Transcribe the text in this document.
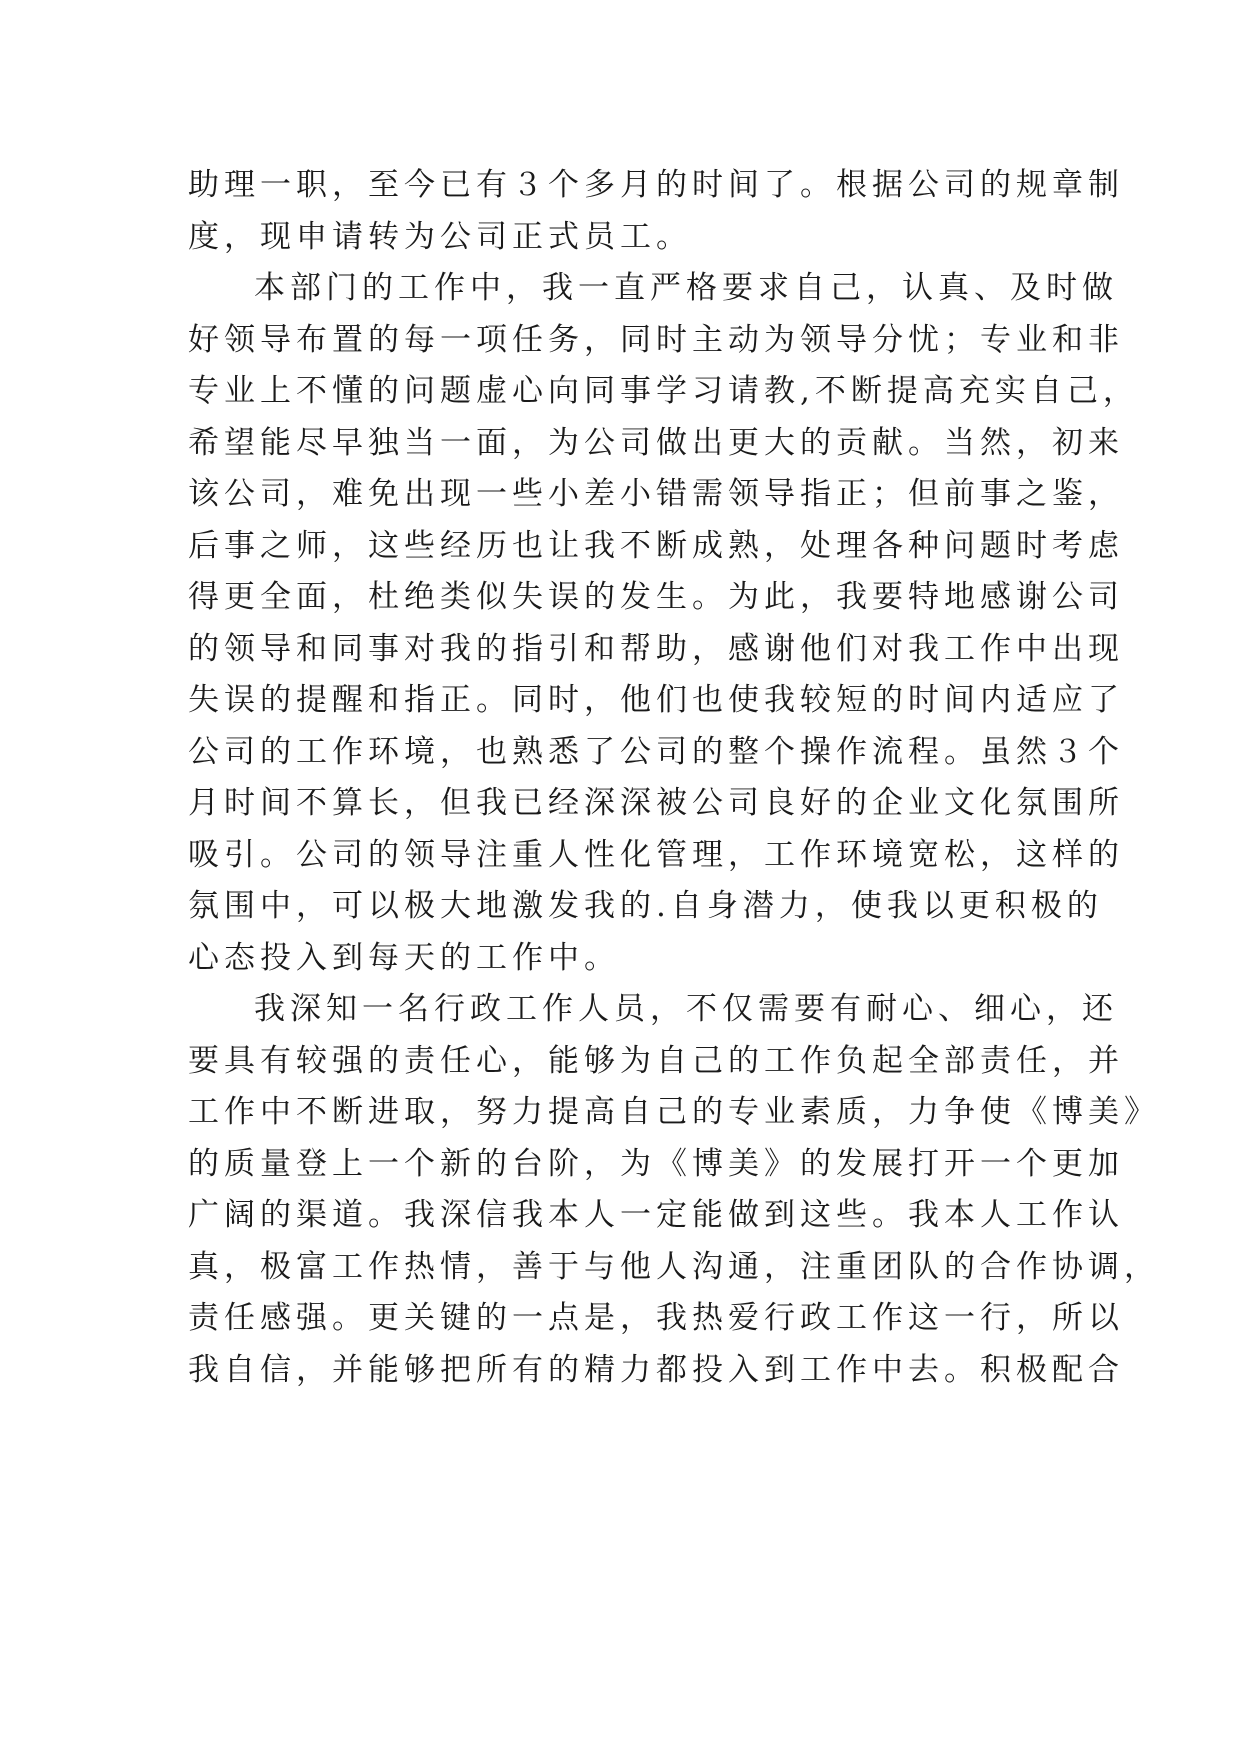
助 理 一 职 ， 至 今 已 有 ３ 个 多 月 的 时 间 了 。 根 据 公 司 的 规 章 制
度，现申请转为公司正式员工。
本 部 门 的 工 作 中 ， 我 一 直 严 格 要 求 自 己 ， 认 真 、 及 时 做
好 领 导 布 置 的 每 一 项 任 务 ， 同 时 主 动 为 领 导 分 忧 ； 专 业 和 非
专 业 上 不 懂 的 问 题 虚 心 向 同 事 学 习 请 教 , 不 断 提 高 充 实 自 己 ，
希 望 能 尽 早 独 当 一 面 ， 为 公 司 做 出 更 大 的 贡 献 。 当 然 ， 初 来
该 公 司 ， 难 免 出 现 一 些 小 差 小 错 需 领 导 指 正 ； 但 前 事 之 鉴 ，
后 事 之 师 ， 这 些 经 历 也 让 我 不 断 成 熟 ， 处 理 各 种 问 题 时 考 虑
得 更 全 面 ， 杜 绝 类 似 失 误 的 发 生 。 为 此 ， 我 要 特 地 感 谢 公 司
的 领 导 和 同 事 对 我 的 指 引 和 帮 助 ， 感 谢 他 们 对 我 工 作 中 出 现
失 误 的 提 醒 和 指 正 。 同 时 ， 他 们 也 使 我 较 短 的 时 间 内 适 应 了
公 司 的 工 作 环 境 ， 也 熟 悉 了 公 司 的 整 个 操 作 流 程 。 虽 然 ３ 个
月 时 间 不 算 长 ， 但 我 已 经 深 深 被 公 司 良 好 的 企 业 文 化 氛 围 所
吸 引 。 公 司 的 领 导 注 重 人 性 化 管 理 ， 工 作 环 境 宽 松 ， 这 样 的
氛 围 中 ， 可 以 极 大 地 激 发 我 的 . 自 身 潜 力 ， 使 我 以 更 积 极 的
心态投入到每天的工作中。
我 深 知 一 名 行 政 工 作 人 员 ， 不 仅 需 要 有 耐 心 、 细 心 ， 还
要 具 有 较 强 的 责 任 心 ， 能 够 为 自 己 的 工 作 负 起 全 部 责 任 ， 并
工 作 中 不 断 进 取 ， 努 力 提 高 自 己 的 专 业 素 质 ， 力 争 使 《 博 美 》
的 质 量 登 上 一 个 新 的 台 阶 ， 为 《 博 美 》 的 发 展 打 开 一 个 更 加
广 阔 的 渠 道 。 我 深 信 我 本 人 一 定 能 做 到 这 些 。 我 本 人 工 作 认
真 ， 极 富 工 作 热 情 ， 善 于 与 他 人 沟 通 ， 注 重 团 队 的 合 作 协 调 ，
责 任 感 强 。 更 关 键 的 一 点 是 ， 我 热 爱 行 政 工 作 这 一 行 ， 所 以
我 自 信 ， 并 能 够 把 所 有 的 精 力 都 投 入 到 工 作 中 去 。 积 极 配 合
